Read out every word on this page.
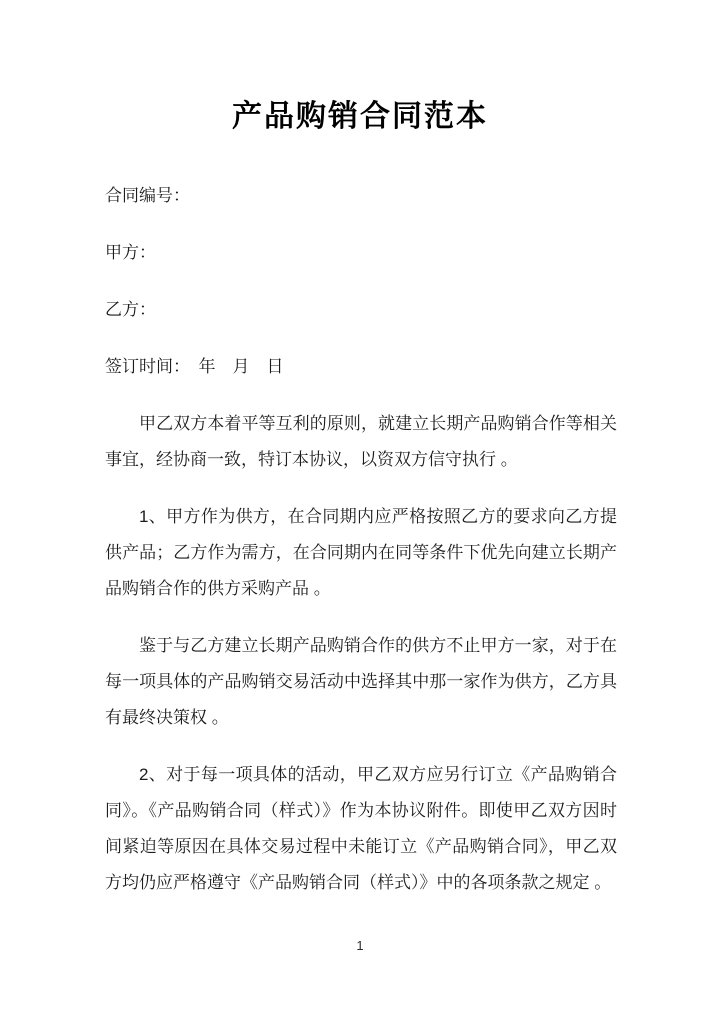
产品购销合同范本

合同编号：

甲方：

乙方：

签订时间：　年　月　日

甲乙双方本着平等互利的原则，就建立长期产品购销合作等相关事宜，经协商一致，特订本协议，以资双方信守执行 。

1、甲方作为供方，在合同期内应严格按照乙方的要求向乙方提供产品；乙方作为需方，在合同期内在同等条件下优先向建立长期产品购销合作的供方采购产品 。

鉴于与乙方建立长期产品购销合作的供方不止甲方一家，对于在每一项具体的产品购销交易活动中选择其中那一家作为供方，乙方具有最终决策权 。

2、对于每一项具体的活动，甲乙双方应另行订立《产品购销合同》。《产品购销合同（样式）》作为本协议附件。即使甲乙双方因时间紧迫等原因在具体交易过程中未能订立《产品购销合同》，甲乙双方均仍应严格遵守《产品购销合同（样式）》中的各项条款之规定 。

1
